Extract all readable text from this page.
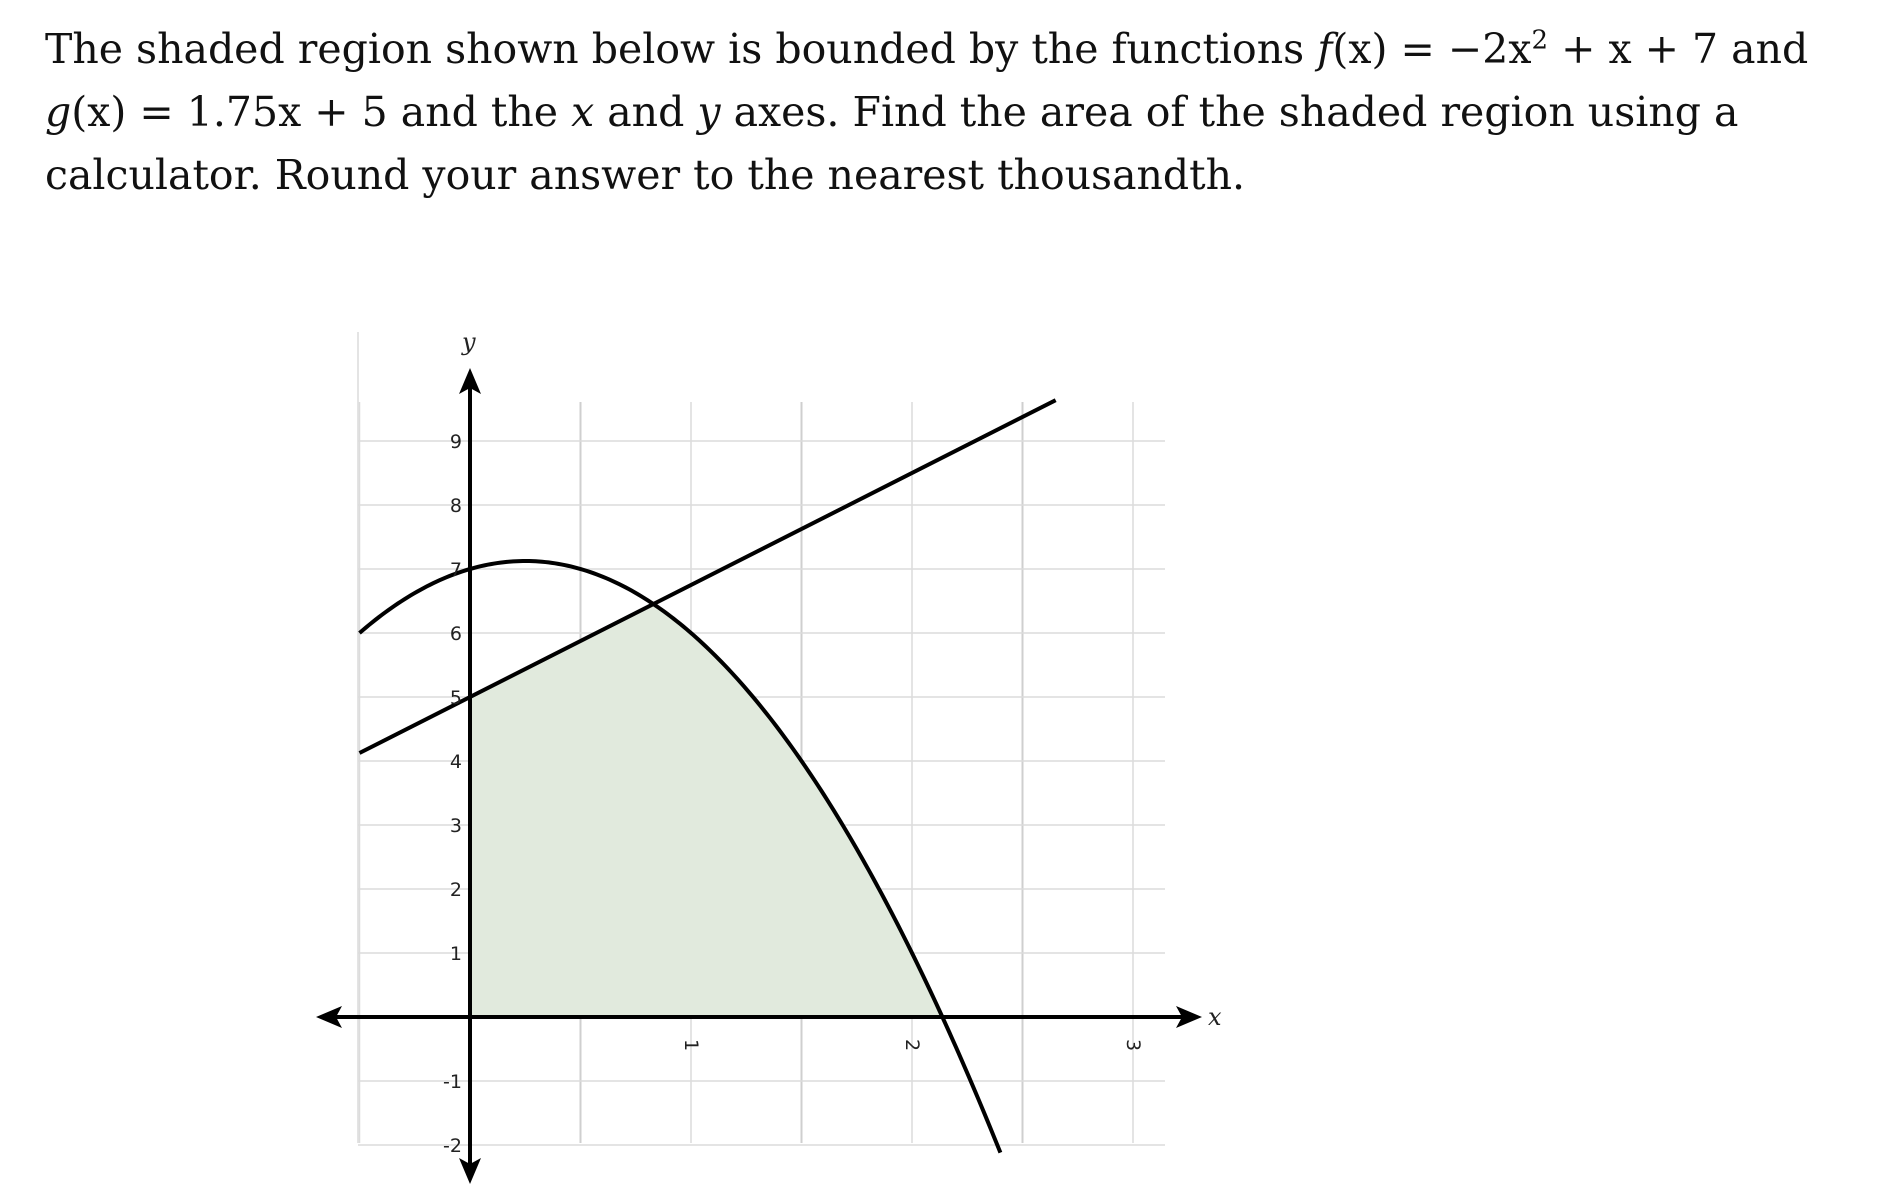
The shaded region shown below is bounded by the functions $f(x) = -2x^2 + x + 7$ and g(x) = 1.75x + 5 and the x and y axes. Find the area of the shaded region using a calculator. Round your answer to the nearest thousandth.

1	2	3
-2
-1
1
2
3
4
5
6
7
8
9
x
y
